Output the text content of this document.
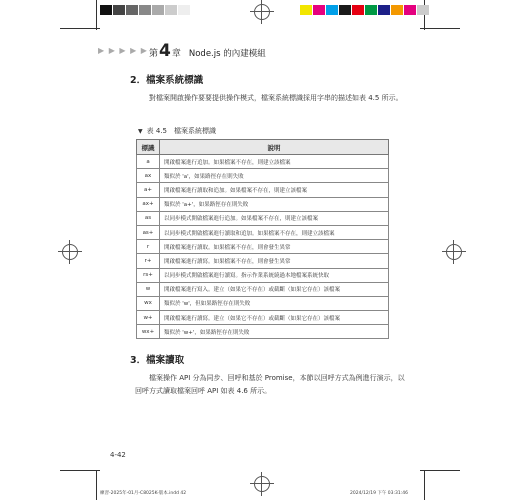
▶ ▶ ▶ ▶ ▶ 第4章 Node.js 的內建模組
2．檔案系統標識
對檔案開啟操作要要提供操作模式，檔案系統標識採用字串的描述如表 4.5 所示。
▼ 表 4.5　檔案系統標識
標識	說明
a	開啟檔案進行追加。如果檔案不存在，則建立該檔案
ax	類似於 'a'，如果路徑存在則失敗
a+	開啟檔案進行讀取和追加。如果檔案不存在，則建立該檔案
ax+	類似於 'a+'，如果路徑存在則失敗
as	以同步模式開啟檔案進行追加。如果檔案不存在，則建立該檔案
as+	以同步模式開啟檔案進行讀取和追加。如果檔案不存在，則建立該檔案
r	開啟檔案進行讀取。如果檔案不存在，則會發生異常
r+	開啟檔案進行讀寫。如果檔案不存在，則會發生異常
rs+	以同步模式開啟檔案進行讀寫。指示作業系統繞過本地檔案系統快取
w	開啟檔案進行寫入。建立（如果它不存在）或截斷（如果它存在）該檔案
wx	類似於 'w'，但如果路徑存在則失敗
w+	開啟檔案進行讀寫。建立（如果它不存在）或截斷（如果它存在）該檔案
wx+	類似於 'w+'，如果路徑存在則失敗
3．檔案讀取
檔案操作 API 分為同步、回呼和基於 Promise，本節以回呼方式為例進行演示，以回呼方式讀取檔案回呼 API 如表 4.6 所示。
4-42
練習-2025年-01月-C8025K-版本.indd 42	2024/12/19 下午 03:31:46
